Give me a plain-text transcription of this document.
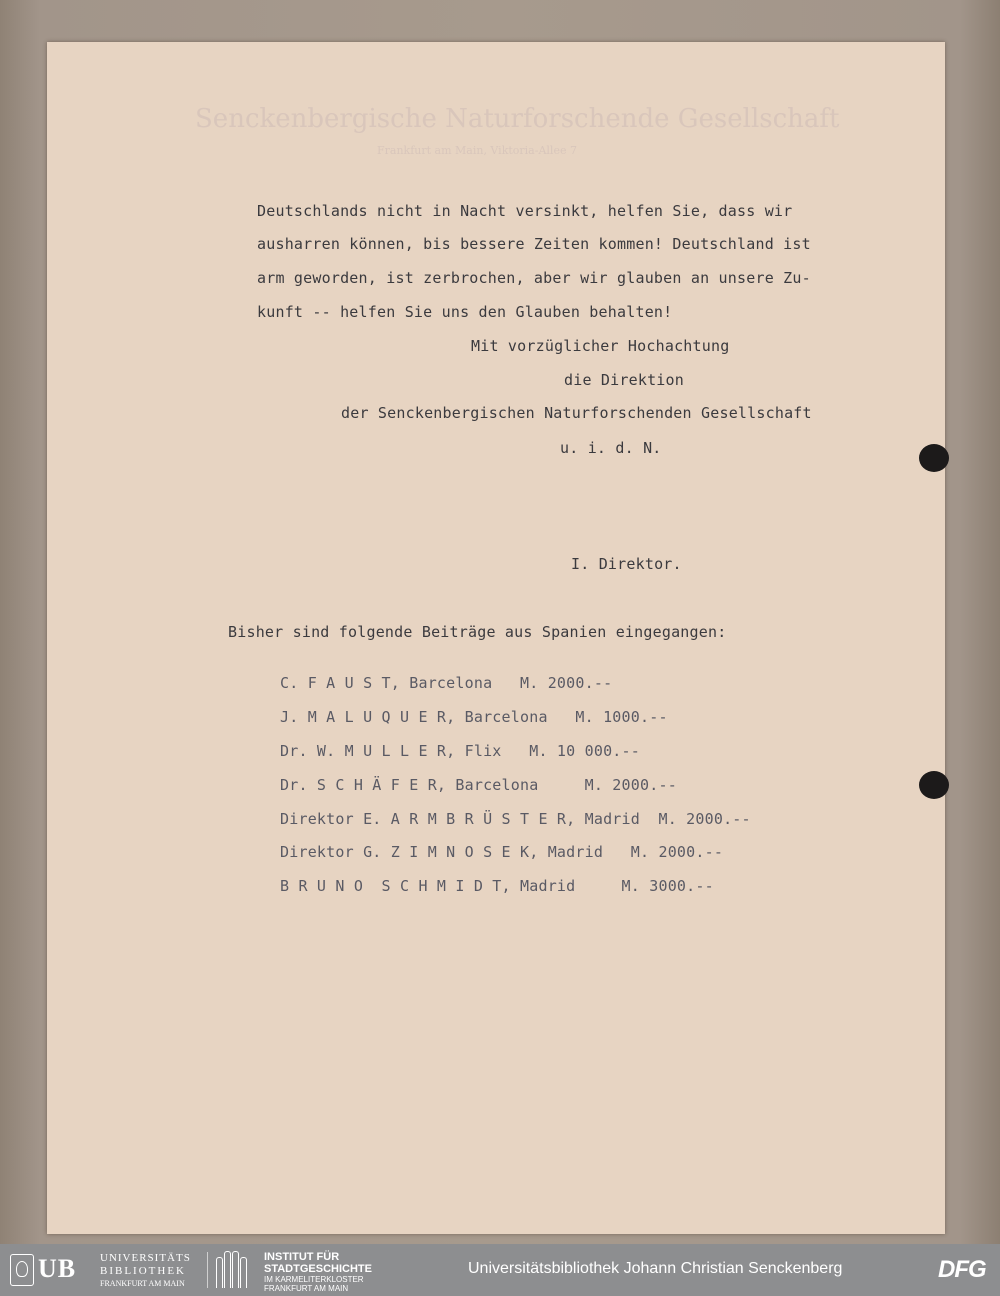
Senckenbergische Naturforschende Gesellschaft
Frankfurt am Main, Viktoria-Allee 7
Deutschlands nicht in Nacht versinkt, helfen Sie, dass wir
ausharren können, bis bessere Zeiten kommen! Deutschland ist
arm geworden, ist zerbrochen, aber wir glauben an unsere Zu-
kunft -- helfen Sie uns den Glauben behalten!
Mit vorzüglicher Hochachtung
die Direktion
der Senckenbergischen Naturforschenden Gesellschaft
u. i. d. N.
I. Direktor.
Bisher sind folgende Beiträge aus Spanien eingegangen:
C. F A U S T, Barcelona   M. 2000.--
J. M A L U Q U E R, Barcelona   M. 1000.--
Dr. W. M U L L E R, Flix   M. 10 000.--
Dr. S C H Ä F E R, Barcelona     M. 2000.--
Direktor E. A R M B R Ü S T E R, Madrid  M. 2000.--
Direktor G. Z I M N O S E K, Madrid   M. 2000.--
B R U N O  S C H M I D T, Madrid     M. 3000.--
UB UNIVERSITÄTS
BIBLIOTHEK
FRANKFURT AM MAIN
INSTITUT FÜR
STADTGESCHICHTE
IM KARMELITERKLOSTER
FRANKFURT AM MAIN
Universitätsbibliothek Johann Christian Senckenberg	DFG
